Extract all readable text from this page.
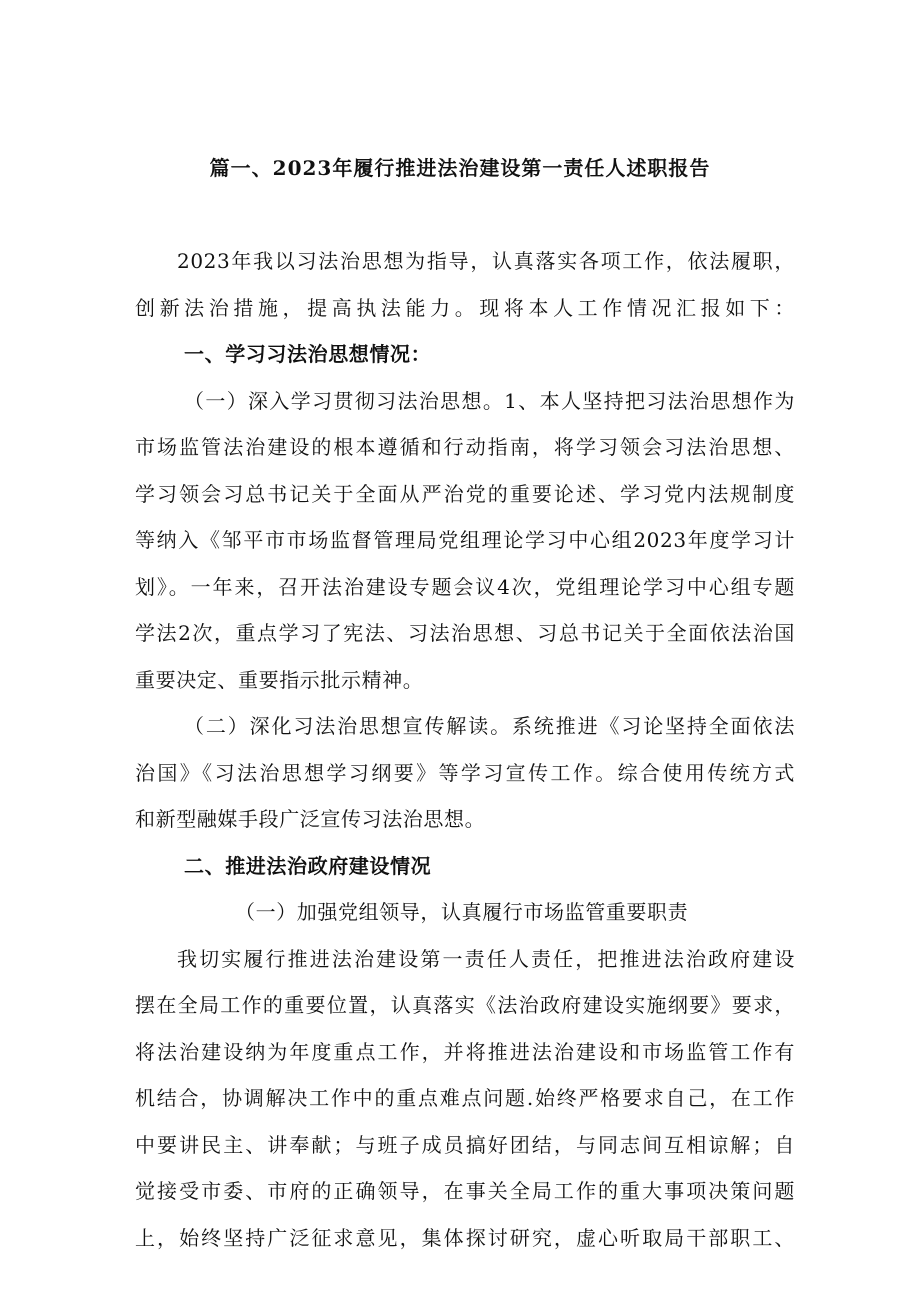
篇一、2023年履行推进法治建设第一责任人述职报告
2023年我以习法治思想为指导，认真落实各项工作，依法履职，
创新法治措施，提高执法能力。现将本人工作情况汇报如下：
一、学习习法治思想情况：
（一）深入学习贯彻习法治思想。1、本人坚持把习法治思想作为
市场监管法治建设的根本遵循和行动指南，将学习领会习法治思想、
学习领会习总书记关于全面从严治党的重要论述、学习党内法规制度
等纳入《邹平市市场监督管理局党组理论学习中心组2023年度学习计
划》。一年来，召开法治建设专题会议4次，党组理论学习中心组专题
学法2次，重点学习了宪法、习法治思想、习总书记关于全面依法治国
重要决定、重要指示批示精神。
（二）深化习法治思想宣传解读。系统推进《习论坚持全面依法
治国》《习法治思想学习纲要》等学习宣传工作。综合使用传统方式
和新型融媒手段广泛宣传习法治思想。
二、推进法治政府建设情况
（一）加强党组领导，认真履行市场监管重要职责
我切实履行推进法治建设第一责任人责任，把推进法治政府建设
摆在全局工作的重要位置，认真落实《法治政府建设实施纲要》要求，
将法治建设纳为年度重点工作，并将推进法治建设和市场监管工作有
机结合，协调解决工作中的重点难点问题.始终严格要求自己，在工作
中要讲民主、讲奉献；与班子成员搞好团结，与同志间互相谅解；自
觉接受市委、市府的正确领导，在事关全局工作的重大事项决策问题
上，始终坚持广泛征求意见，集体探讨研究，虚心听取局干部职工、
